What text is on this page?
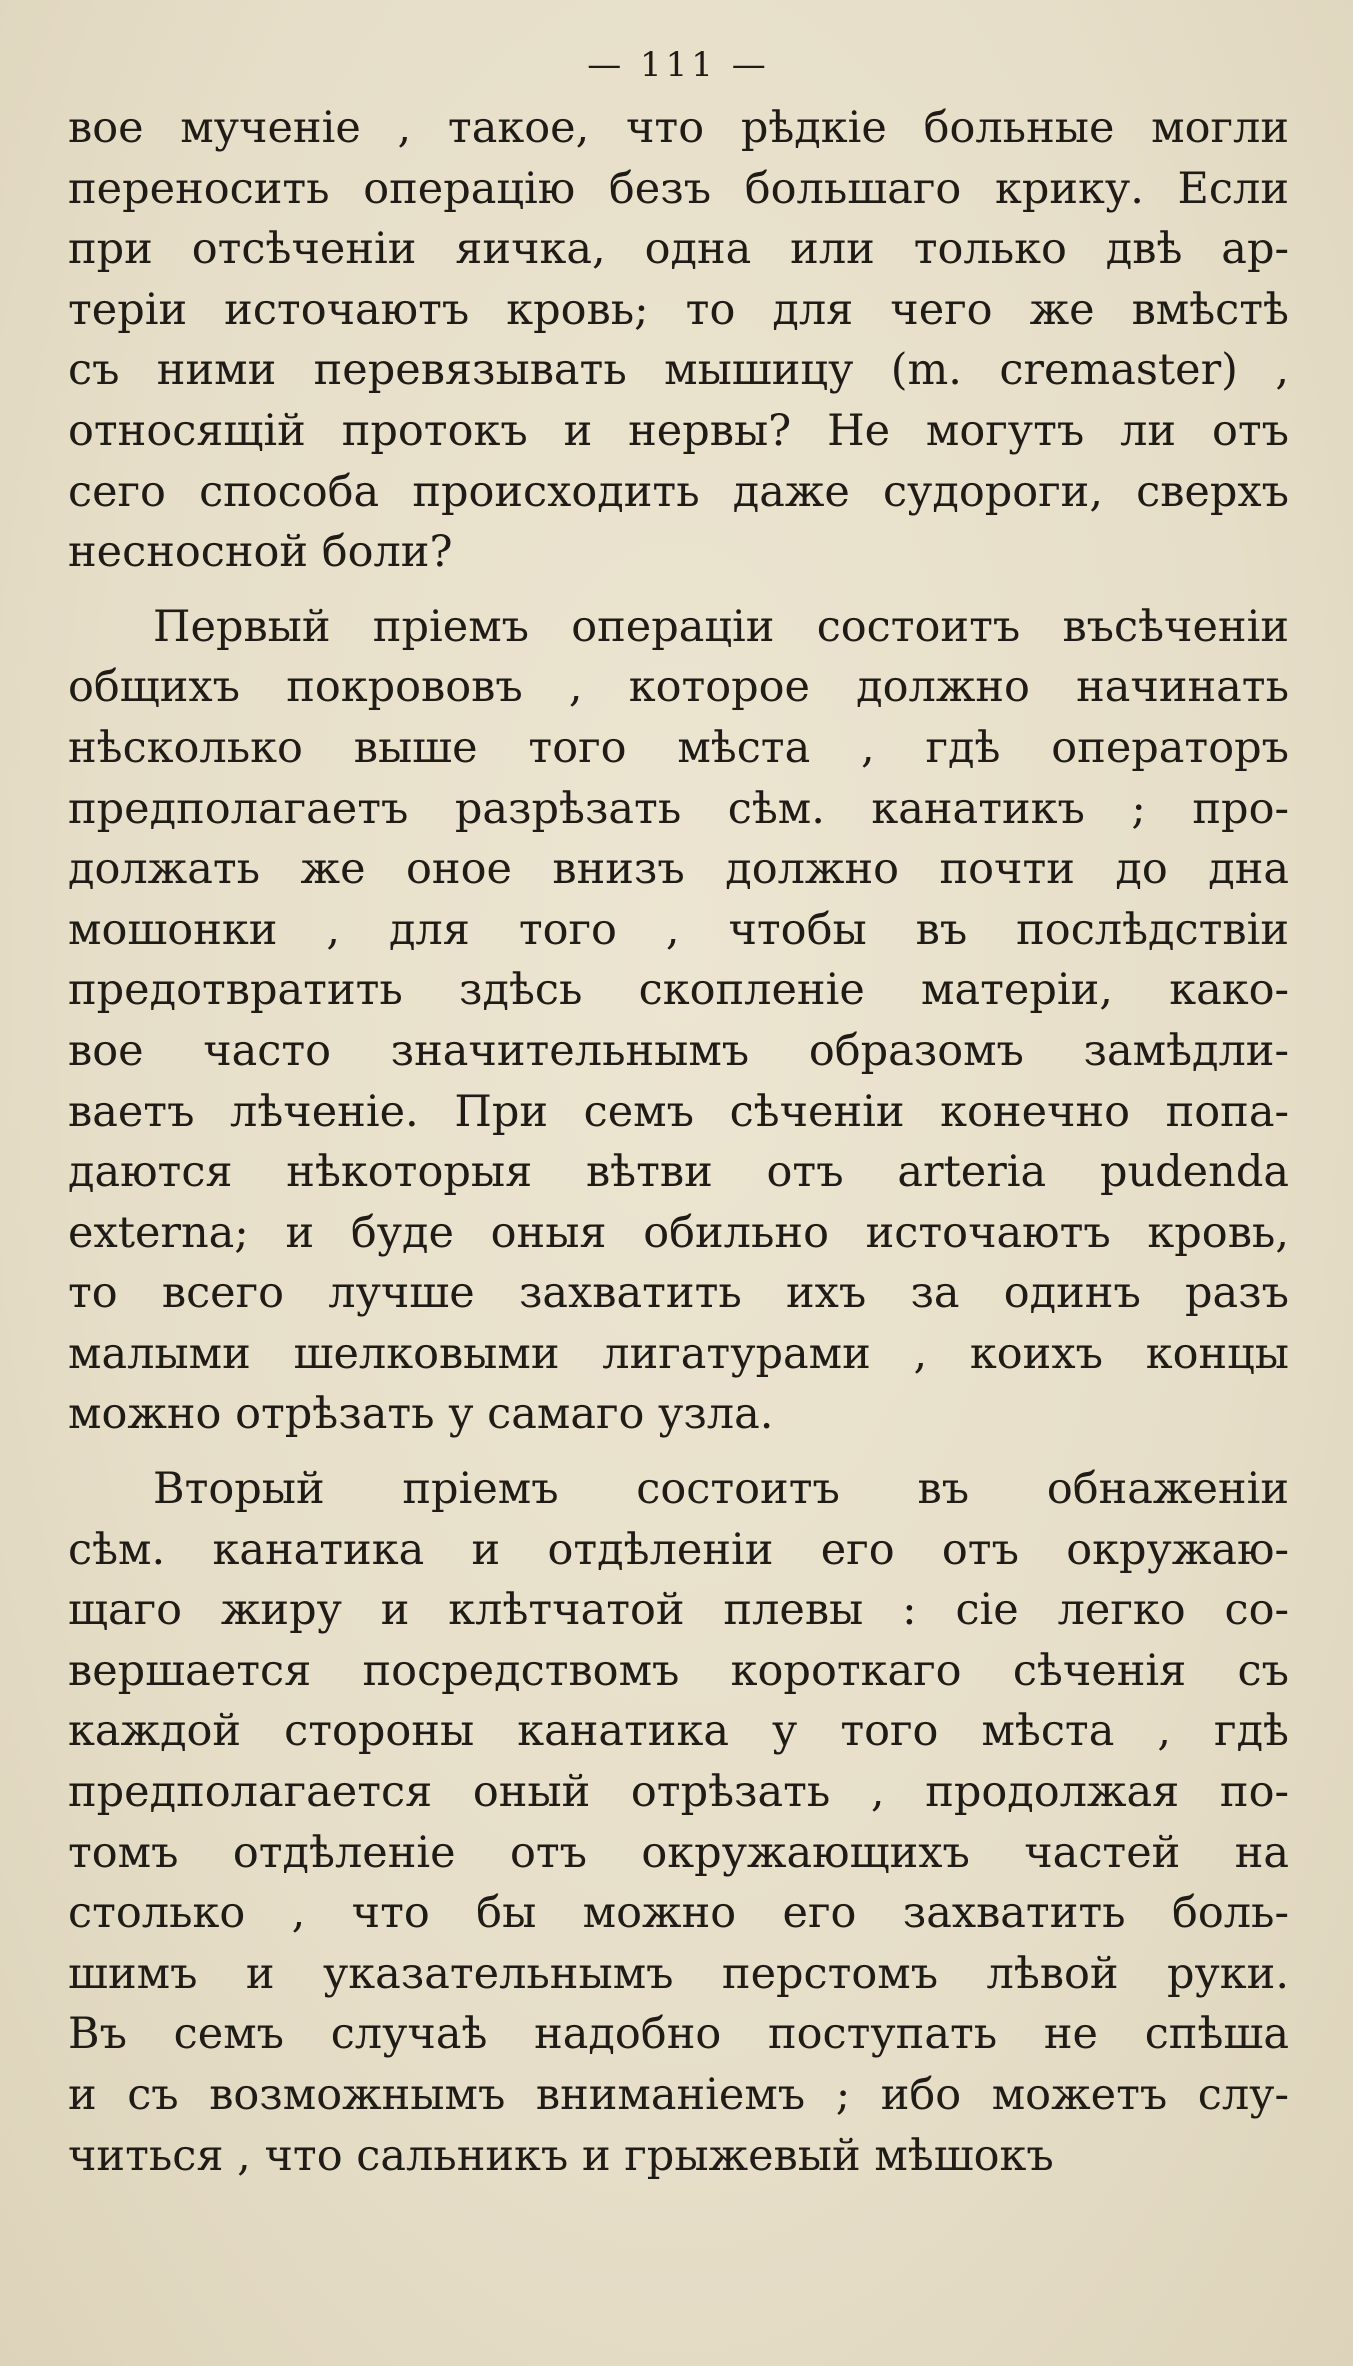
— 111 —
вое мученіе , такое, что рѣдкіе больные могли
переносить операцію безъ большаго крику. Если
при отсѣченіи яичка, одна или только двѣ ар-
теріи источаютъ кровь; то для чего же вмѣстѣ
съ ними перевязывать мышицу (m. cremaster) ,
относящій протокъ и нервы? Не могутъ ли отъ
сего способа происходить даже судороги, сверхъ
несносной боли?
Первый пріемъ операціи состоитъ въсѣченіи
общихъ покрововъ , которое должно начинать
нѣсколько выше того мѣста , гдѣ операторъ
предполагаетъ разрѣзать сѣм. канатикъ ; про-
должать же оное внизъ должно почти до дна
мошонки , для того , чтобы въ послѣдствіи
предотвратить здѣсь скопленіе матеріи, како-
вое часто значительнымъ образомъ замѣдли-
ваетъ лѣченіе. При семъ сѣченіи конечно попа-
даются нѣкоторыя вѣтви отъ arteria pudenda
externa; и буде оныя обильно источаютъ кровь,
то всего лучше захватить ихъ за одинъ разъ
малыми шелковыми лигатурами , коихъ концы
можно отрѣзать у самаго узла.
Вторый пріемъ состоитъ въ обнаженіи
сѣм. канатика и отдѣленіи его отъ окружаю-
щаго жиру и клѣтчатой плевы : сіе легко со-
вершается посредствомъ короткаго сѣченія съ
каждой стороны канатика у того мѣста , гдѣ
предполагается оный отрѣзать , продолжая по-
томъ отдѣленіе отъ окружающихъ частей на
столько , что бы можно его захватить боль-
шимъ и указательнымъ перстомъ лѣвой руки.
Въ семъ случаѣ надобно поступать не спѣша
и съ возможнымъ вниманіемъ ; ибо можетъ слу-
читься , что сальникъ и грыжевый мѣшокъ
